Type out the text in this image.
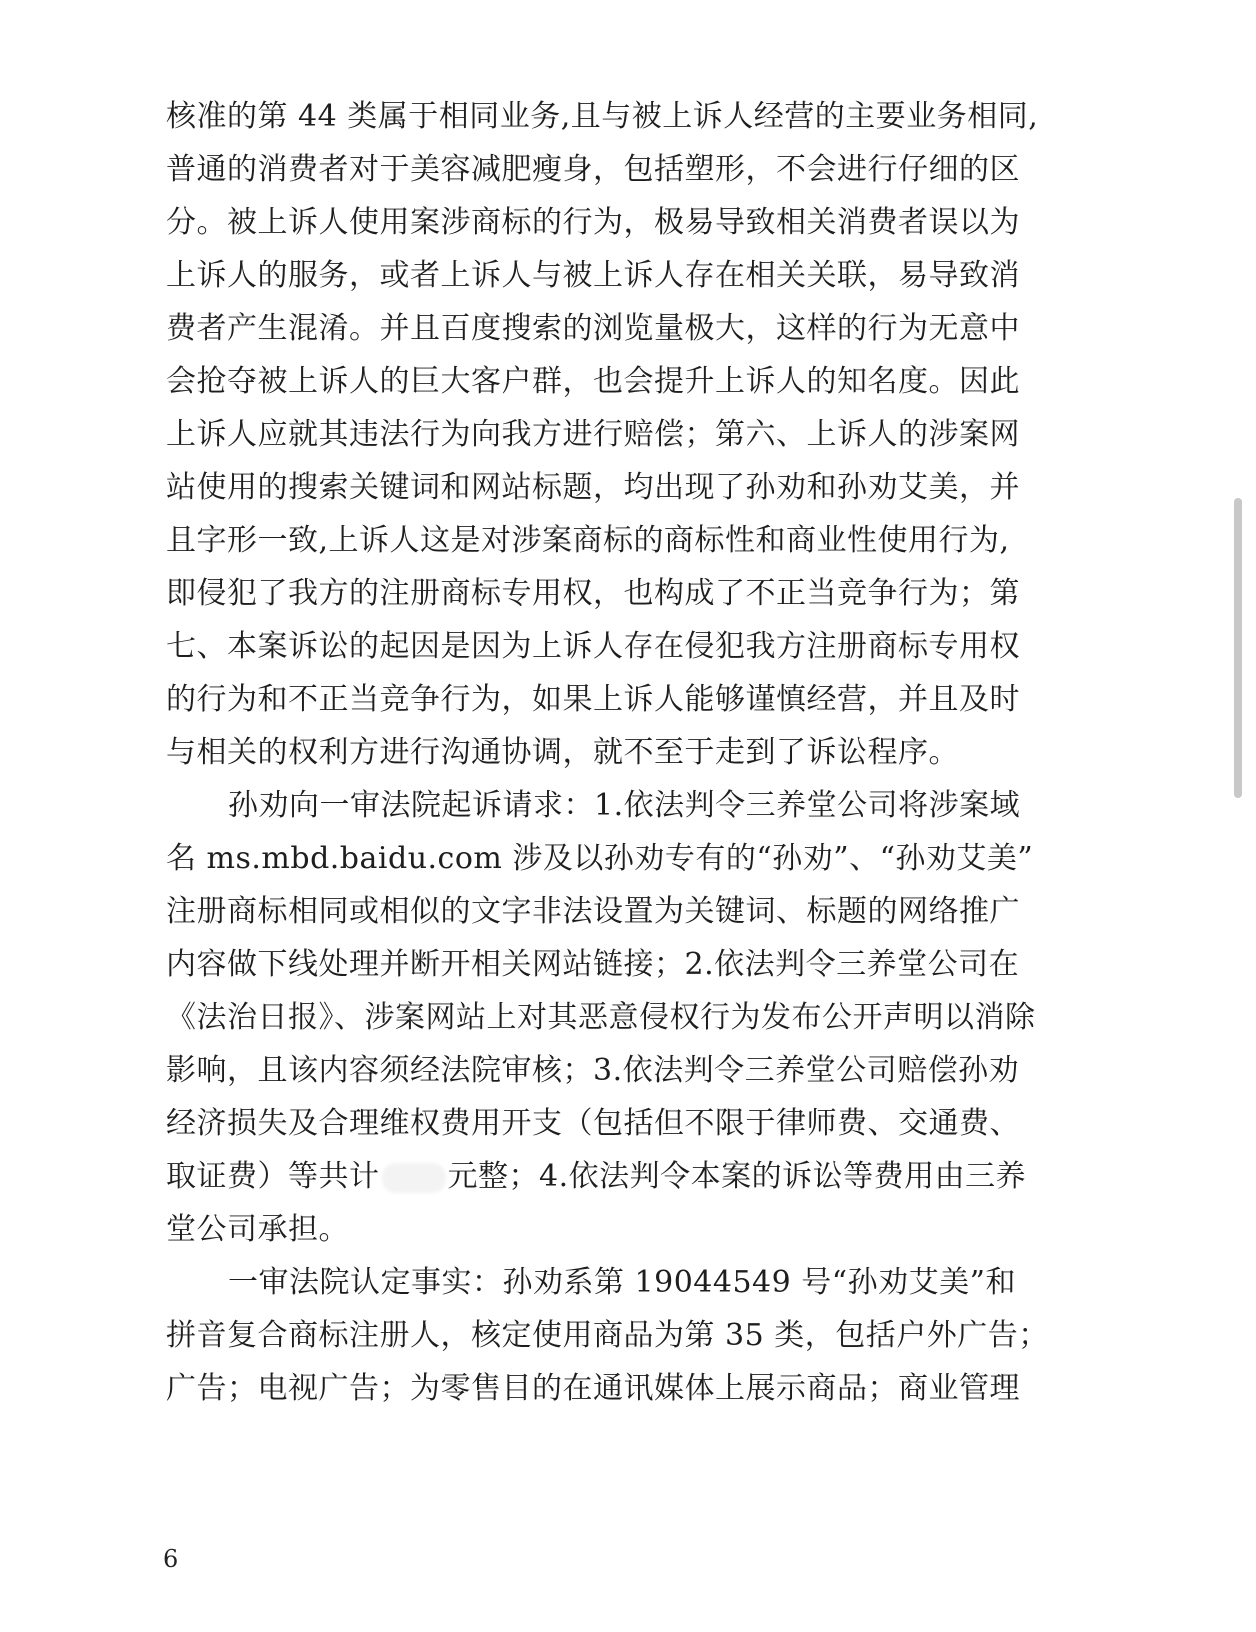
核准的第 44 类属于相同业务,且与被上诉人经营的主要业务相同,
普通的消费者对于美容减肥瘦身，包括塑形，不会进行仔细的区
分。被上诉人使用案涉商标的行为，极易导致相关消费者误以为
上诉人的服务，或者上诉人与被上诉人存在相关关联，易导致消
费者产生混淆。并且百度搜索的浏览量极大，这样的行为无意中
会抢夺被上诉人的巨大客户群，也会提升上诉人的知名度。因此
上诉人应就其违法行为向我方进行赔偿；第六、上诉人的涉案网
站使用的搜索关键词和网站标题，均出现了孙劝和孙劝艾美，并
且字形一致,上诉人这是对涉案商标的商标性和商业性使用行为,
即侵犯了我方的注册商标专用权，也构成了不正当竞争行为；第
七、本案诉讼的起因是因为上诉人存在侵犯我方注册商标专用权
的行为和不正当竞争行为，如果上诉人能够谨慎经营，并且及时
与相关的权利方进行沟通协调，就不至于走到了诉讼程序。
孙劝向一审法院起诉请求：1.依法判令三养堂公司将涉案域
名 ms.mbd.baidu.com 涉及以孙劝专有的“孙劝”、“孙劝艾美”
注册商标相同或相似的文字非法设置为关键词、标题的网络推广
内容做下线处理并断开相关网站链接；2.依法判令三养堂公司在
《法治日报》、涉案网站上对其恶意侵权行为发布公开声明以消除
影响，且该内容须经法院审核；3.依法判令三养堂公司赔偿孙劝
经济损失及合理维权费用开支（包括但不限于律师费、交通费、
取证费）等共计 元整；4.依法判令本案的诉讼等费用由三养
堂公司承担。
一审法院认定事实：孙劝系第 19044549 号“孙劝艾美”和
拼音复合商标注册人，核定使用商品为第 35 类，包括户外广告；
广告；电视广告；为零售目的在通讯媒体上展示商品；商业管理
6
